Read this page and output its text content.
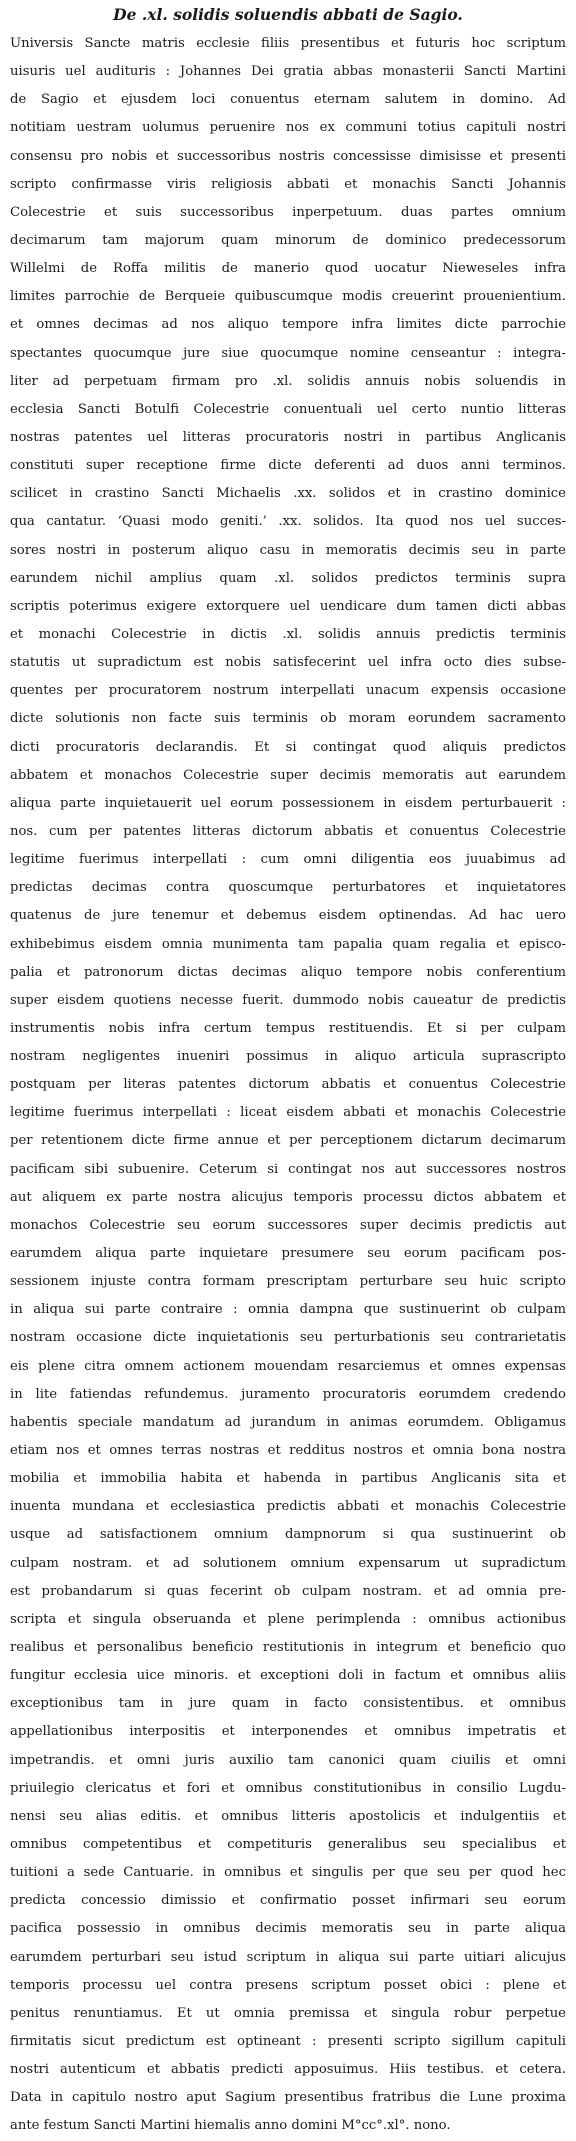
De .xl. solidis soluendis abbati de Sagio.
Universis Sancte matris ecclesie filiis presentibus et futuris hoc scriptum
uisuris uel audituris : Johannes Dei gratia abbas monasterii Sancti Martini
de Sagio et ejusdem loci conuentus eternam salutem in domino. Ad
notitiam uestram uolumus peruenire nos ex communi totius capituli nostri
consensu pro nobis et successoribus nostris concessisse dimisisse et presenti
scripto confirmasse viris religiosis abbati et monachis Sancti Johannis
Colecestrie et suis successoribus inperpetuum. duas partes omnium
decimarum tam majorum quam minorum de dominico predecessorum
Willelmi de Roffa militis de manerio quod uocatur Nieweseles infra
limites parrochie de Berqueie quibuscumque modis creuerint prouenientium.
et omnes decimas ad nos aliquo tempore infra limites dicte parrochie
spectantes quocumque jure siue quocumque nomine censeantur : integra-
liter ad perpetuam firmam pro .xl. solidis annuis nobis soluendis in
ecclesia Sancti Botulfi Colecestrie conuentuali uel certo nuntio litteras
nostras patentes uel litteras procuratoris nostri in partibus Anglicanis
constituti super receptione firme dicte deferenti ad duos anni terminos.
scilicet in crastino Sancti Michaelis .xx. solidos et in crastino dominice
qua cantatur. ‘Quasi modo geniti.’ .xx. solidos. Ita quod nos uel succes-
sores nostri in posterum aliquo casu in memoratis decimis seu in parte
earundem nichil amplius quam .xl. solidos predictos terminis supra
scriptis poterimus exigere extorquere uel uendicare dum tamen dicti abbas
et monachi Colecestrie in dictis .xl. solidis annuis predictis terminis
statutis ut supradictum est nobis satisfecerint uel infra octo dies subse-
quentes per procuratorem nostrum interpellati unacum expensis occasione
dicte solutionis non facte suis terminis ob moram eorundem sacramento
dicti procuratoris declarandis. Et si contingat quod aliquis predictos
abbatem et monachos Colecestrie super decimis memoratis aut earundem
aliqua parte inquietauerit uel eorum possessionem in eisdem perturbauerit :
nos. cum per patentes litteras dictorum abbatis et conuentus Colecestrie
legitime fuerimus interpellati : cum omni diligentia eos juuabimus ad
predictas decimas contra quoscumque perturbatores et inquietatores
quatenus de jure tenemur et debemus eisdem optinendas. Ad hac uero
exhibebimus eisdem omnia munimenta tam papalia quam regalia et episco-
palia et patronorum dictas decimas aliquo tempore nobis conferentium
super eisdem quotiens necesse fuerit. dummodo nobis caueatur de predictis
instrumentis nobis infra certum tempus restituendis. Et si per culpam
nostram negligentes inueniri possimus in aliquo articula suprascripto
postquam per literas patentes dictorum abbatis et conuentus Colecestrie
legitime fuerimus interpellati : liceat eisdem abbati et monachis Colecestrie
per retentionem dicte firme annue et per perceptionem dictarum decimarum
pacificam sibi subuenire. Ceterum si contingat nos aut successores nostros
aut aliquem ex parte nostra alicujus temporis processu dictos abbatem et
monachos Colecestrie seu eorum successores super decimis predictis aut
earumdem aliqua parte inquietare presumere seu eorum pacificam pos-
sessionem injuste contra formam prescriptam perturbare seu huic scripto
in aliqua sui parte contraire : omnia dampna que sustinuerint ob culpam
nostram occasione dicte inquietationis seu perturbationis seu contrarietatis
eis plene citra omnem actionem mouendam resarciemus et omnes expensas
in lite fatiendas refundemus. juramento procuratoris eorumdem credendo
habentis speciale mandatum ad jurandum in animas eorumdem. Obligamus
etiam nos et omnes terras nostras et redditus nostros et omnia bona nostra
mobilia et immobilia habita et habenda in partibus Anglicanis sita et
inuenta mundana et ecclesiastica predictis abbati et monachis Colecestrie
usque ad satisfactionem omnium dampnorum si qua sustinuerint ob
culpam nostram. et ad solutionem omnium expensarum ut supradictum
est probandarum si quas fecerint ob culpam nostram. et ad omnia pre-
scripta et singula obseruanda et plene perimplenda : omnibus actionibus
realibus et personalibus beneficio restitutionis in integrum et beneficio quo
fungitur ecclesia uice minoris. et exceptioni doli in factum et omnibus aliis
exceptionibus tam in jure quam in facto consistentibus. et omnibus
appellationibus interpositis et interponendes et omnibus impetratis et
impetrandis. et omni juris auxilio tam canonici quam ciuilis et omni
priuilegio clericatus et fori et omnibus constitutionibus in consilio Lugdu-
nensi seu alias editis. et omnibus litteris apostolicis et indulgentiis et
omnibus competentibus et competituris generalibus seu specialibus et
tuitioni a sede Cantuarie. in omnibus et singulis per que seu per quod hec
predicta concessio dimissio et confirmatio posset infirmari seu eorum
pacifica possessio in omnibus decimis memoratis seu in parte aliqua
earumdem perturbari seu istud scriptum in aliqua sui parte uitiari alicujus
temporis processu uel contra presens scriptum posset obici : plene et
penitus renuntiamus. Et ut omnia premissa et singula robur perpetue
firmitatis sicut predictum est optineant : presenti scripto sigillum capituli
nostri autenticum et abbatis predicti apposuimus. Hiis testibus. et cetera.
Data in capitulo nostro aput Sagium presentibus fratribus die Lune proxima
ante festum Sancti Martini hiemalis anno domini M°cc°.xl°. nono.
